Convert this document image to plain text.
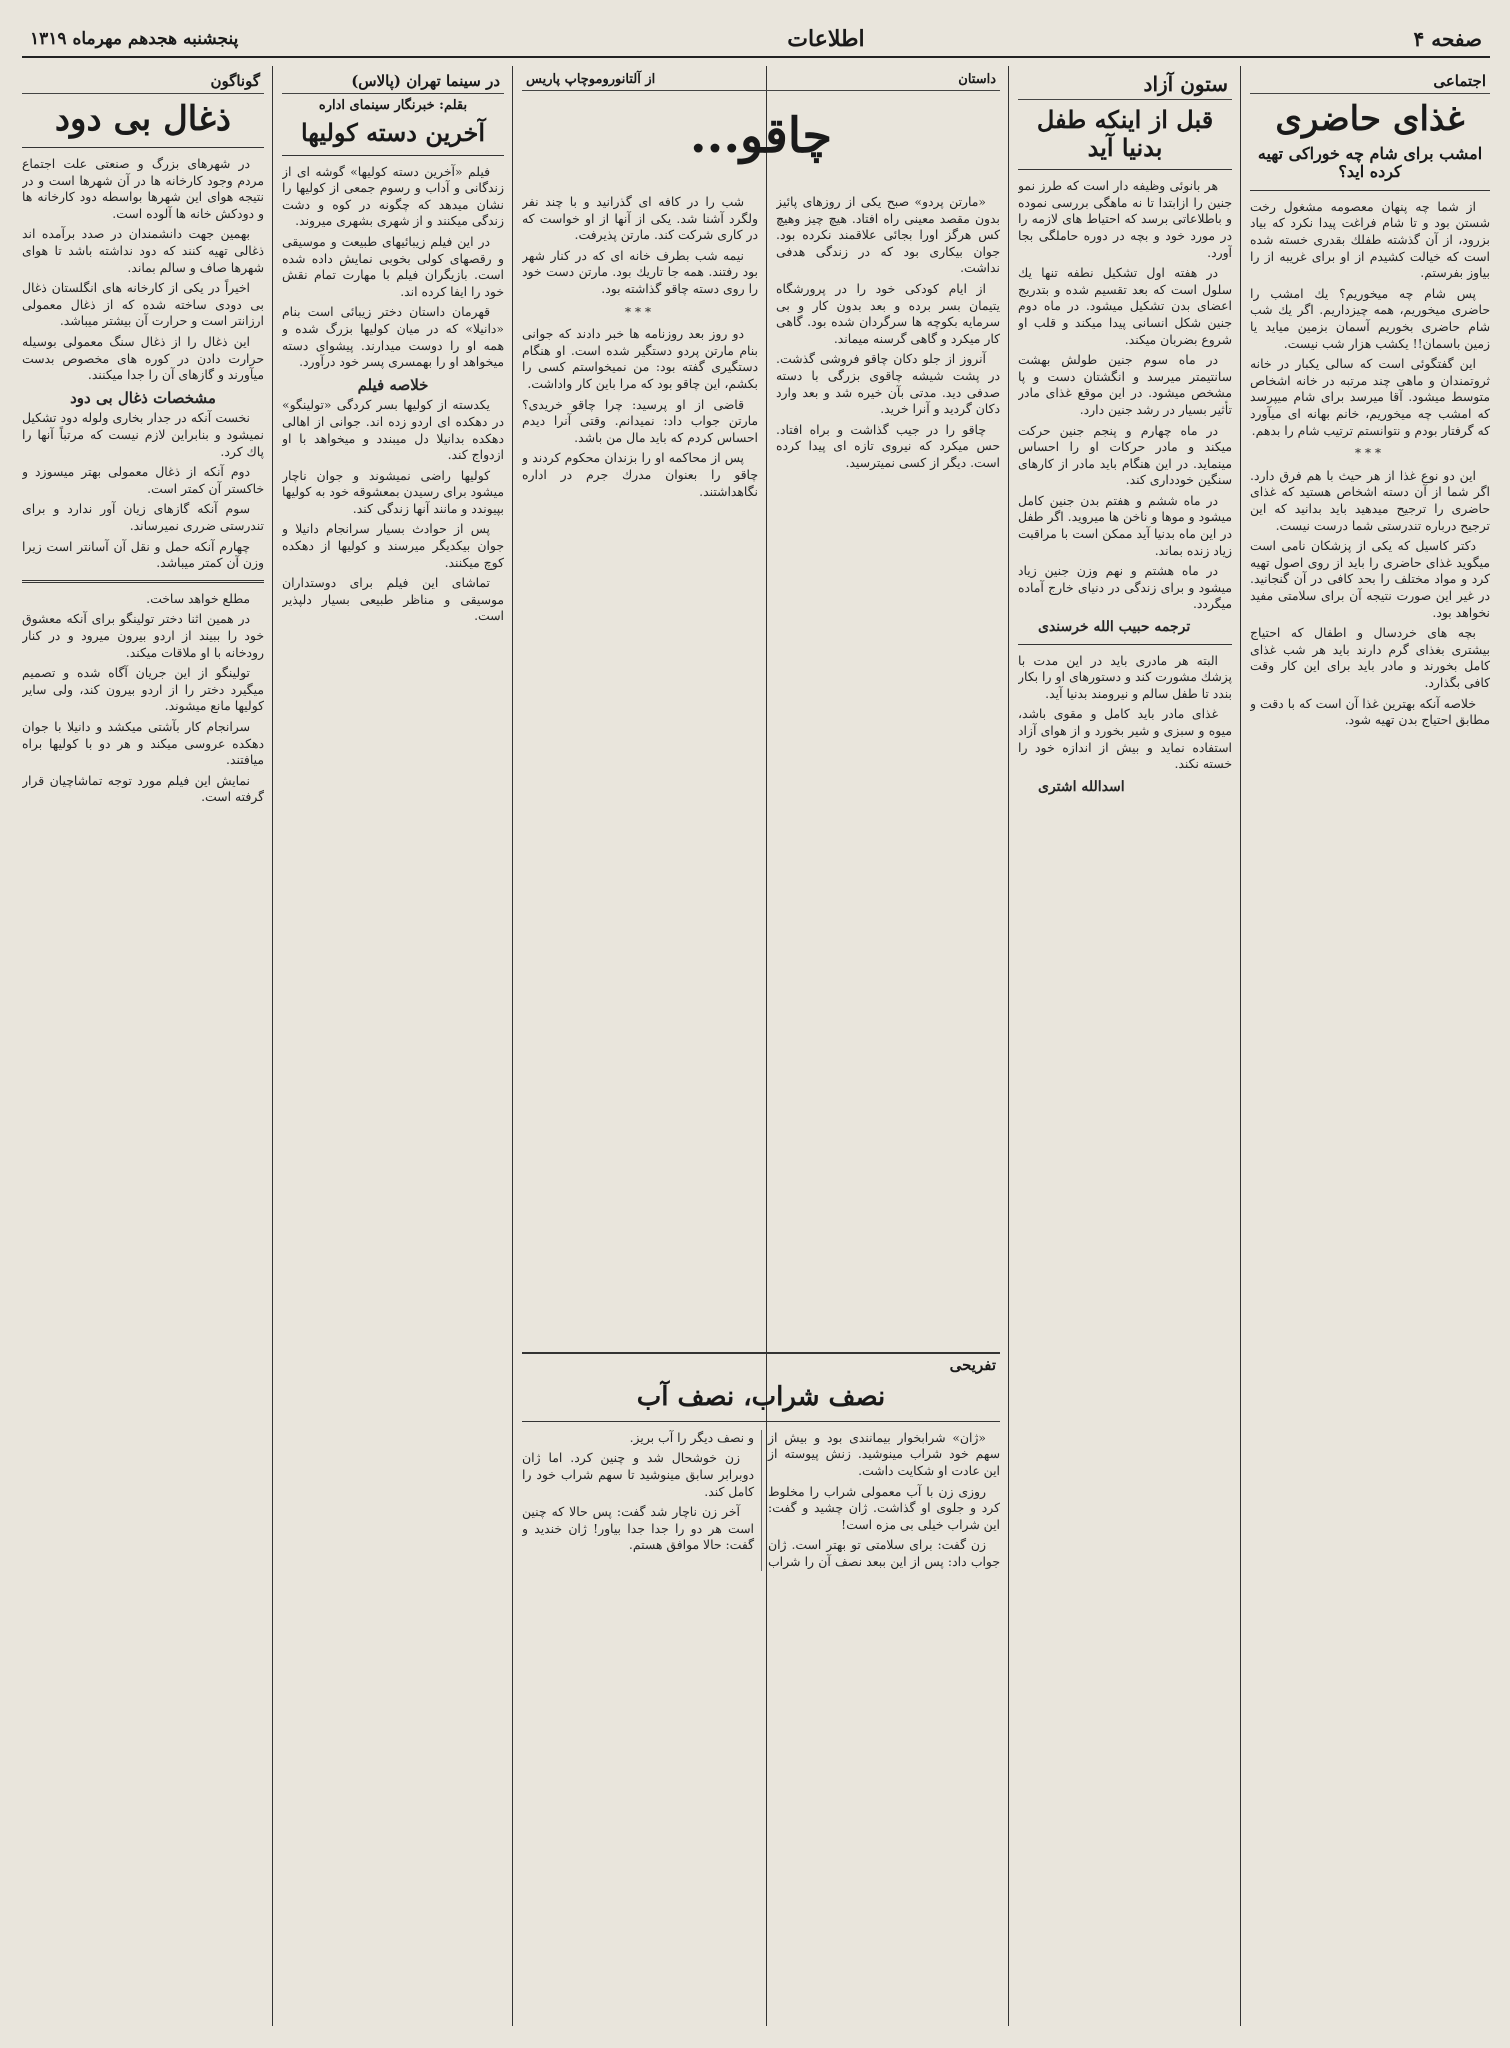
صفحه ۴
اطلاعات
پنجشنبه هجدهم مهرماه ۱۳۱۹
اجتماعی
غذای حاضری
امشب برای شام چه خوراکی تهیه کرده اید؟

از شما چه پنهان معصومه مشغول رخت شستن بود و تا شام فراغت پیدا نکرد که بیاد بزرود، از آن گذشته طفلك بقدری خسته شده است که خیالت کشیدم از او برای غریبه از را بیاوز بفرستم.

پس شام چه میخوریم؟ یك امشب را حاضری میخوریم، همه چیزداریم. اگر یك شب شام حاضری بخوریم آسمان بزمین میاید یا زمین باسمان!! یکشب هزار شب نیست.

این گفتگوئی است که سالی یکبار در خانه ثروتمندان و ماهی چند مرتبه در خانه اشخاص متوسط میشود. آقا میرسد برای شام میپرسد که امشب چه میخوریم، خانم بهانه ای میآورد که گرفتار بودم و نتوانستم ترتیب شام را بدهم.

***

این دو نوع غذا از هر حیث با هم فرق دارد. اگر شما از آن دسته اشخاص هستید که غذای حاضری را ترجیح میدهید باید بدانید که این ترجیح درباره تندرستی شما درست نیست.

دکتر کاسیل که یکی از پزشکان نامی است میگوید غذای حاضری را باید از روی اصول تهیه کرد و مواد مختلف را بحد کافی در آن گنجانید. در غیر این صورت نتیجه آن برای سلامتی مفید نخواهد بود.

بچه های خردسال و اطفال که احتیاج بیشتری بغذای گرم دارند باید هر شب غذای کامل بخورند و مادر باید برای این کار وقت کافی بگذارد.

خلاصه آنکه بهترین غذا آن است که با دقت و مطابق احتیاج بدن تهیه شود.

ستون آزاد
قبل از اینکه طفل بدنیا آید

هر بانوئی وظیفه دار است که طرز نمو جنین را ازابتدا تا نه ماهگی بررسی نموده و باطلاعاتی برسد که احتیاط های لازمه را در مورد خود و بچه در دوره حاملگی بجا آورد.

در هفته اول تشکیل نطفه تنها یك سلول است که بعد تقسیم شده و بتدریج اعضای بدن تشکیل میشود. در ماه دوم جنین شکل انسانی پیدا میکند و قلب او شروع بضربان میکند.

در ماه سوم جنین طولش بهشت سانتیمتر میرسد و انگشتان دست و پا مشخص میشود. در این موقع غذای مادر تأثیر بسیار در رشد جنین دارد.

در ماه چهارم و پنجم جنین حرکت میکند و مادر حرکات او را احساس مینماید. در این هنگام باید مادر از کارهای سنگین خودداری کند.

در ماه ششم و هفتم بدن جنین کامل میشود و موها و ناخن ها میروید. اگر طفل در این ماه بدنیا آید ممکن است با مراقبت زیاد زنده بماند.

در ماه هشتم و نهم وزن جنین زیاد میشود و برای زندگی در دنیای خارج آماده میگردد.

ترجمه حبیب الله خرسندی

البته هر مادری باید در این مدت با پزشك مشورت کند و دستورهای او را بکار بندد تا طفل سالم و نیرومند بدنیا آید.

غذای مادر باید کامل و مقوی باشد، میوه و سبزی و شیر بخورد و از هوای آزاد استفاده نماید و بیش از اندازه خود را خسته نکند.

اسدالله اشتری
داستان
از آلتانوروموچاپ پاریس
چاقو...

«مارتن پردو» صبح یکی از روزهای پائیز بدون مقصد معینی راه افتاد. هیچ چیز وهیچ کس هرگز اورا بجائی علاقمند نکرده بود. جوان بیکاری بود که در زندگی هدفی نداشت.

از ایام کودکی خود را در پرورشگاه یتیمان بسر برده و بعد بدون کار و بی سرمایه بکوچه ها سرگردان شده بود. گاهی کار میکرد و گاهی گرسنه میماند.

آنروز از جلو دکان چاقو فروشی گذشت. در پشت شیشه چاقوی بزرگی با دسته صدفی دید. مدتی بآن خیره شد و بعد وارد دکان گردید و آنرا خرید.

چاقو را در جیب گذاشت و براه افتاد. حس میکرد که نیروی تازه ای پیدا کرده است. دیگر از کسی نمیترسید.

شب را در کافه ای گذرانید و با چند نفر ولگرد آشنا شد. یکی از آنها از او خواست که در کاری شرکت کند. مارتن پذیرفت.

نیمه شب بطرف خانه ای که در کنار شهر بود رفتند. همه جا تاریك بود. مارتن دست خود را روی دسته چاقو گذاشته بود.

***

دو روز بعد روزنامه ها خبر دادند که جوانی بنام مارتن پردو دستگیر شده است. او هنگام دستگیری گفته بود: من نمیخواستم کسی را بکشم، این چاقو بود که مرا باین کار واداشت.

قاضی از او پرسید: چرا چاقو خریدی؟ مارتن جواب داد: نمیدانم. وقتی آنرا دیدم احساس کردم که باید مال من باشد.

پس از محاکمه او را بزندان محکوم کردند و چاقو را بعنوان مدرك جرم در اداره نگاهداشتند.

تفریحی
نصف شراب، نصف آب

«ژان» شرابخوار بیمانندی بود و بیش از سهم خود شراب مینوشید. زنش پیوسته از این عادت او شکایت داشت.

روزی زن با آب معمولی شراب را مخلوط کرد و جلوی او گذاشت. ژان چشید و گفت: این شراب خیلی بی مزه است!

زن گفت: برای سلامتی تو بهتر است. ژان جواب داد: پس از این ببعد نصف آن را شراب و نصف دیگر را آب بریز.

زن خوشحال شد و چنین کرد. اما ژان دوبرابر سابق مینوشید تا سهم شراب خود را کامل کند.

آخر زن ناچار شد گفت: پس حالا که چنین است هر دو را جدا جدا بیاور! ژان خندید و گفت: حالا موافق هستم.

در سینما تهران (پالاس)
بقلم: خبرنگار سینمای اداره
آخرین دسته کولیها

فیلم «آخرین دسته کولیها» گوشه ای از زندگانی و آداب و رسوم جمعی از کولیها را نشان میدهد که چگونه در کوه و دشت زندگی میکنند و از شهری بشهری میروند.

در این فیلم زیبائیهای طبیعت و موسیقی و رقصهای کولی بخوبی نمایش داده شده است. بازیگران فیلم با مهارت تمام نقش خود را ایفا کرده اند.

قهرمان داستان دختر زیبائی است بنام «دانیلا» که در میان کولیها بزرگ شده و همه او را دوست میدارند. پیشوای دسته میخواهد او را بهمسری پسر خود درآورد.

خلاصه فیلم

یکدسته از کولیها بسر کردگی «تولینگو» در دهکده ای اردو زده اند. جوانی از اهالی دهکده بدانیلا دل میبندد و میخواهد با او ازدواج کند.

کولیها راضی نمیشوند و جوان ناچار میشود برای رسیدن بمعشوقه خود به کولیها بپیوندد و مانند آنها زندگی کند.

پس از حوادث بسیار سرانجام دانیلا و جوان بیکدیگر میرسند و کولیها از دهکده کوچ میکنند.

تماشای این فیلم برای دوستداران موسیقی و مناظر طبیعی بسیار دلپذیر است.

گوناگون
ذغال بی دود

در شهرهای بزرگ و صنعتی علت اجتماع مردم وجود کارخانه ها در آن شهرها است و در نتیجه هوای این شهرها بواسطه دود کارخانه ها و دودکش خانه ها آلوده است.

بهمین جهت دانشمندان در صدد برآمده اند ذغالی تهیه کنند که دود نداشته باشد تا هوای شهرها صاف و سالم بماند.

اخیراً در یکی از کارخانه های انگلستان ذغال بی دودی ساخته شده که از ذغال معمولی ارزانتر است و حرارت آن بیشتر میباشد.

این ذغال را از ذغال سنگ معمولی بوسیله حرارت دادن در کوره های مخصوص بدست میآورند و گازهای آن را جدا میکنند.

مشخصات ذغال بی دود

نخست آنکه در جدار بخاری ولوله دود تشکیل نمیشود و بنابراین لازم نیست که مرتباً آنها را پاك کرد.

دوم آنکه از ذغال معمولی بهتر میسوزد و خاکستر آن کمتر است.

سوم آنکه گازهای زیان آور ندارد و برای تندرستی ضرری نمیرساند.

چهارم آنکه حمل و نقل آن آسانتر است زیرا وزن آن کمتر میباشد.

مطلع خواهد ساخت.

در همین اثنا دختر تولینگو برای آنکه معشوق خود را ببیند از اردو بیرون میرود و در کنار رودخانه با او ملاقات میکند.

تولینگو از این جریان آگاه شده و تصمیم میگیرد دختر را از اردو بیرون کند، ولی سایر کولیها مانع میشوند.

سرانجام کار بآشتی میکشد و دانیلا با جوان دهکده عروسی میکند و هر دو با کولیها براه میافتند.

نمایش این فیلم مورد توجه تماشاچیان قرار گرفته است.
